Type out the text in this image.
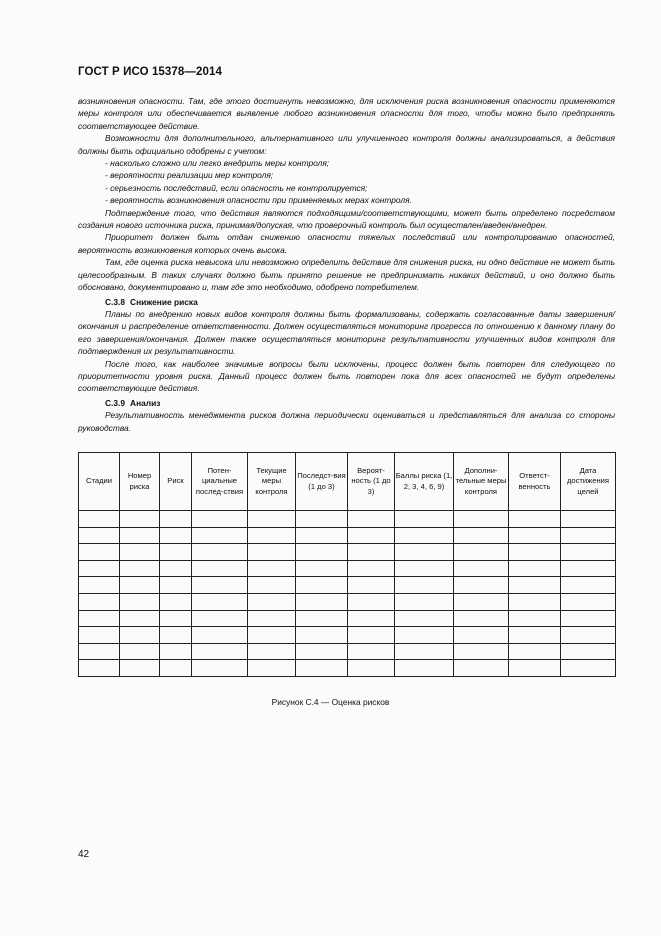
ГОСТ Р ИСО 15378—2014

возникновения опасности. Там, где этого достигнуть невозможно, для исключения риска возникновения опасности применяются меры контроля или обеспечивается выявление любого возникновения опасности для того, чтобы можно было предпринять соответствующее действие.

Возможности для дополнительного, альтернативного или улучшенного контроля должны анализироваться, а действия должны быть официально одобрены с учетом:

- насколько сложно или легко внедрить меры контроля;

- вероятности реализации мер контроля;

- серьезность последствий, если опасность не контролируется;

- вероятность возникновения опасности при применяемых мерах контроля.

Подтверждение того, что действия являются подходящими/соответствующими, может быть определено посредством создания нового источника риска, принимая/допуская, что проверочный контроль был осуществлен/введен/внедрен.

Приоритет должен быть отдан снижению опасности тяжелых последствий или контролированию опасностей, вероятность возникновения которых очень высока.

Там, где оценка риска невысока или невозможно определить действие для снижения риска, ни одно действие не может быть целесообразным. В таких случаях должно быть принято решение не предпринимать никаких действий, и оно должно быть обосновано, документировано и, там где это необходимо, одобрено потребителем.

С.3.8 Снижение риска

Планы по внедрению новых видов контроля должны быть формализованы, содержать согласованные даты завершения/окончания и распределение ответственности. Должен осуществляться мониторинг прогресса по отношению к данному плану до его завершения/окончания. Должен также осуществляться мониторинг результативности улучшенных видов контроля для подтверждения их результативности.

После того, как наиболее значимые вопросы были исключены, процесс должен быть повторен для следующего по приоритетности уровня риска. Данный процесс должен быть повторен пока для всех опасностей не будут определены соответствующие действия.

С.3.9 Анализ

Результативность менеджмента рисков должна периодически оцениваться и представляться для анализа со стороны руководства.

Стадии	Номер риска	Риск	Потен-циальные послед-ствия	Текущие меры контроля	Последст-вия (1 до 3)	Вероят-ность (1 до 3)	Баллы риска (1, 2, 3, 4, 6, 9)	Дополни-тельные меры контроля	Ответст-венность	Дата достижения целей

Рисунок С.4 — Оценка рисков
42
